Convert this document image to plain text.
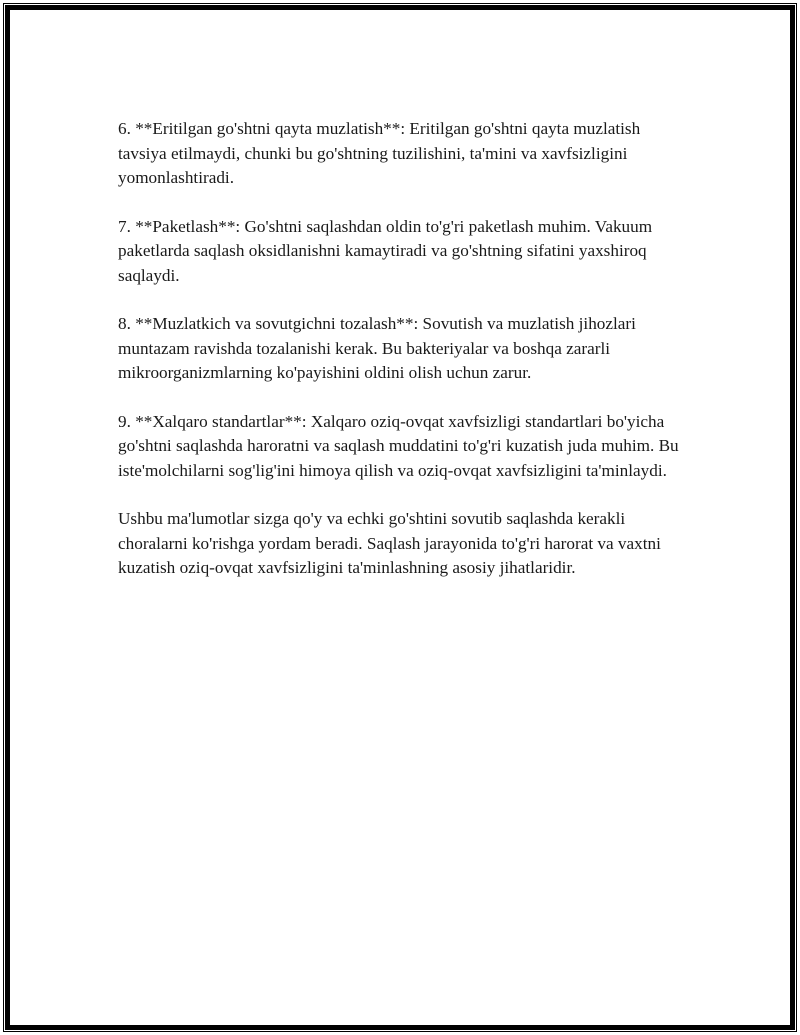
6. **Eritilgan go'shtni qayta muzlatish**: Eritilgan go'shtni qayta muzlatish tavsiya etilmaydi, chunki bu go'shtning tuzilishini, ta'mini va xavfsizligini yomonlashtiradi.

7. **Paketlash**: Go'shtni saqlashdan oldin to'g'ri paketlash muhim. Vakuum paketlarda saqlash oksidlanishni kamaytiradi va go'shtning sifatini yaxshiroq saqlaydi.

8. **Muzlatkich va sovutgichni tozalash**: Sovutish va muzlatish jihozlari muntazam ravishda tozalanishi kerak. Bu bakteriyalar va boshqa zararli mikroorganizmlarning ko'payishini oldini olish uchun zarur.

9. **Xalqaro standartlar**: Xalqaro oziq-ovqat xavfsizligi standartlari bo'yicha go'shtni saqlashda haroratni va saqlash muddatini to'g'ri kuzatish juda muhim. Bu iste'molchilarni sog'lig'ini himoya qilish va oziq-ovqat xavfsizligini ta'minlaydi.

Ushbu ma'lumotlar sizga qo'y va echki go'shtini sovutib saqlashda kerakli choralarni ko'rishga yordam beradi. Saqlash jarayonida to'g'ri harorat va vaxtni kuzatish oziq-ovqat xavfsizligini ta'minlashning asosiy jihatlaridir.
